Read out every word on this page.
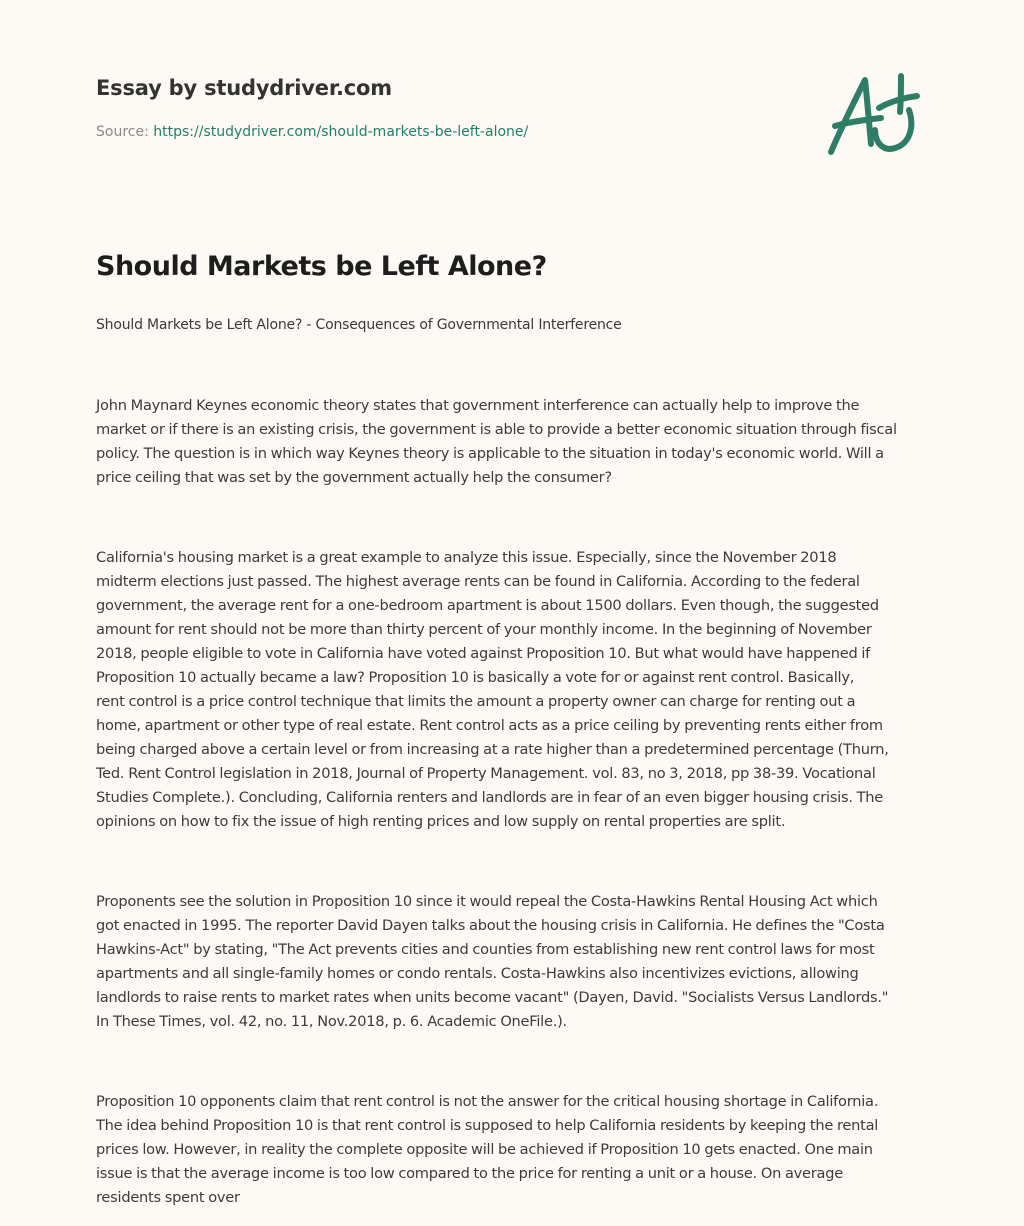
Essay by studydriver.com
Source: https://studydriver.com/should-markets-be-left-alone/
Should Markets be Left Alone?
Should Markets be Left Alone? - Consequences of Governmental Interference

John Maynard Keynes economic theory states that government interference can actually help to improve the
market or if there is an existing crisis, the government is able to provide a better economic situation through fiscal
policy. The question is in which way Keynes theory is applicable to the situation in today's economic world. Will a
price ceiling that was set by the government actually help the consumer?

California's housing market is a great example to analyze this issue. Especially, since the November 2018
midterm elections just passed. The highest average rents can be found in California. According to the federal
government, the average rent for a one-bedroom apartment is about 1500 dollars. Even though, the suggested
amount for rent should not be more than thirty percent of your monthly income. In the beginning of November
2018, people eligible to vote in California have voted against Proposition 10. But what would have happened if
Proposition 10 actually became a law? Proposition 10 is basically a vote for or against rent control. Basically,
rent control is a price control technique that limits the amount a property owner can charge for renting out a
home, apartment or other type of real estate. Rent control acts as a price ceiling by preventing rents either from
being charged above a certain level or from increasing at a rate higher than a predetermined percentage (Thurn,
Ted. Rent Control legislation in 2018, Journal of Property Management. vol. 83, no 3, 2018, pp 38-39. Vocational
Studies Complete.). Concluding, California renters and landlords are in fear of an even bigger housing crisis. The
opinions on how to fix the issue of high renting prices and low supply on rental properties are split.

Proponents see the solution in Proposition 10 since it would repeal the Costa-Hawkins Rental Housing Act which
got enacted in 1995. The reporter David Dayen talks about the housing crisis in California. He defines the "Costa
Hawkins-Act" by stating, "The Act prevents cities and counties from establishing new rent control laws for most
apartments and all single-family homes or condo rentals. Costa-Hawkins also incentivizes evictions, allowing
landlords to raise rents to market rates when units become vacant" (Dayen, David. "Socialists Versus Landlords."
In These Times, vol. 42, no. 11, Nov.2018, p. 6. Academic OneFile.).

Proposition 10 opponents claim that rent control is not the answer for the critical housing shortage in California.
The idea behind Proposition 10 is that rent control is supposed to help California residents by keeping the rental
prices low. However, in reality the complete opposite will be achieved if Proposition 10 gets enacted. One main
issue is that the average income is too low compared to the price for renting a unit or a house. On average
residents spent over
